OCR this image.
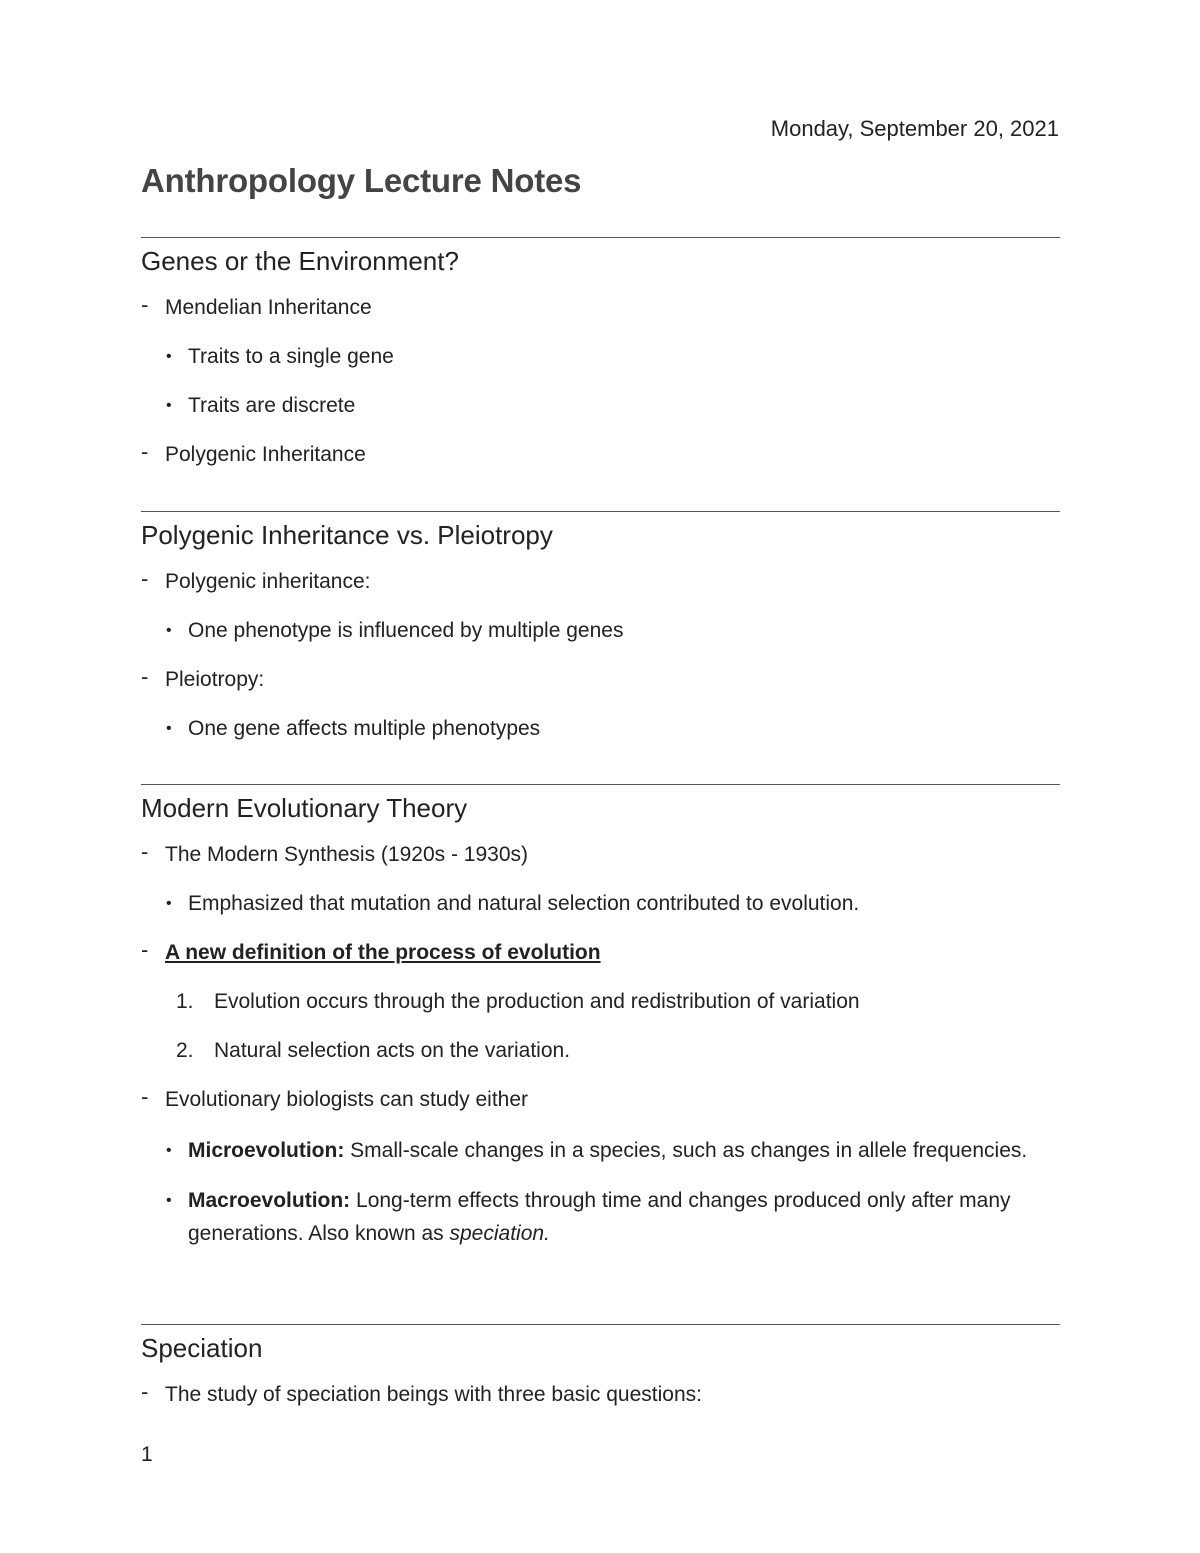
Monday, September 20, 2021
Anthropology Lecture Notes
Genes or the Environment?
- Mendelian Inheritance
• Traits to a single gene
• Traits are discrete
- Polygenic Inheritance
Polygenic Inheritance vs. Pleiotropy
- Polygenic inheritance:
• One phenotype is influenced by multiple genes
- Pleiotropy:
• One gene affects multiple phenotypes
Modern Evolutionary Theory
- The Modern Synthesis (1920s - 1930s)
• Emphasized that mutation and natural selection contributed to evolution.
- A new definition of the process of evolution
1. Evolution occurs through the production and redistribution of variation
2. Natural selection acts on the variation.
- Evolutionary biologists can study either
• Microevolution: Small-scale changes in a species, such as changes in allele frequencies.
• Macroevolution: Long-term effects through time and changes produced only after many generations. Also known as speciation.
Speciation
- The study of speciation beings with three basic questions:
1
